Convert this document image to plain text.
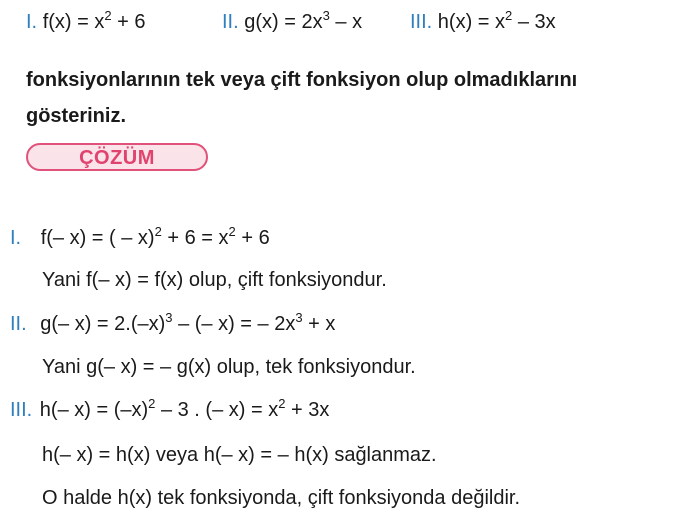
I. $f(x) = x^2 + 6$	II. $g(x) = 2x^3 - x$ III. $h(x) = x^2 - 3x$
fonksiyonlarının tek veya çift fonksiyon olup olmadıklarını
gösteriniz.
ÇÖZÜM
I. f(– x) = ( – $x)^2 + 6 = x^2 + 6$
Yani f(– x) = f(x) olup, çift fonksiyondur.
II. g(– $x) = 2.(-x)^3$ – (– x) = – $2x^3 + x$
Yani g(– x) = – g(x) olup, tek fonksiyondur.
III. h(– $x) = (-x)^2 - 3$ . (– $x) = x^2 + 3x$
h(– x) = h(x) veya h(– x) = – h(x) sağlanmaz.
O halde h(x) tek fonksiyonda, çift fonksiyonda değildir.
